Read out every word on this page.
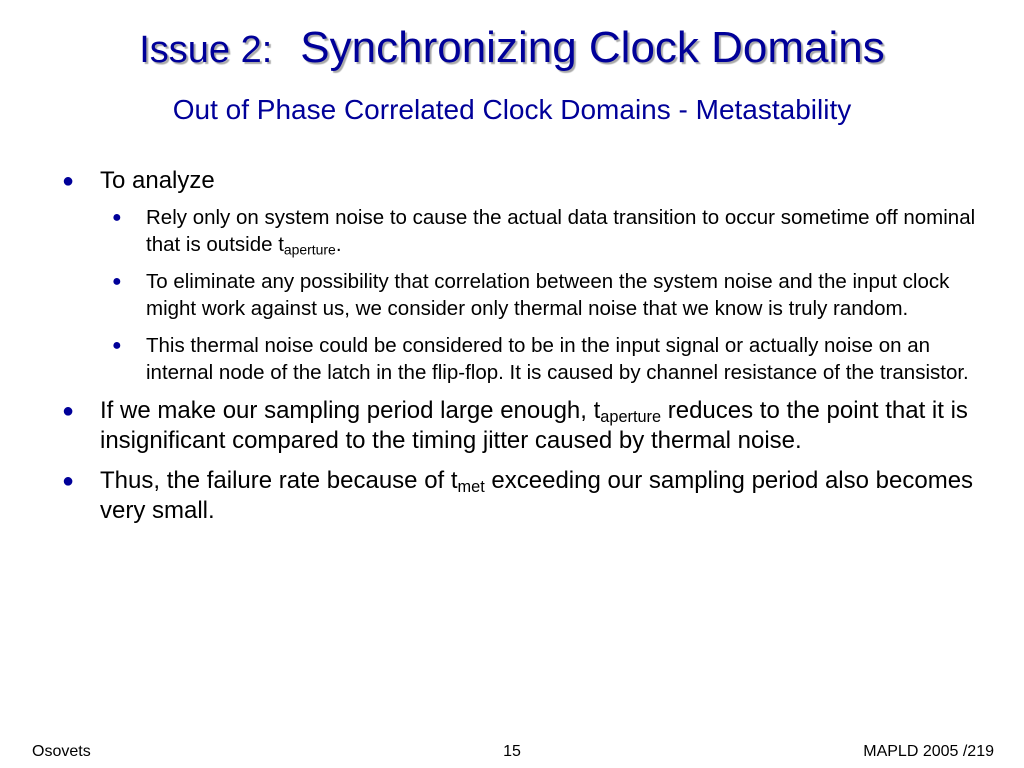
Issue 2: Synchronizing Clock Domains
Out of Phase Correlated Clock Domains - Metastability
● To analyze
● Rely only on system noise to cause the actual data transition to occur sometime off nominal that is outside $t_{aperture}$.
● To eliminate any possibility that correlation between the system noise and the input clock might work against us, we consider only thermal noise that we know is truly random.
● This thermal noise could be considered to be in the input signal or actually noise on an internal node of the latch in the flip-flop. It is caused by channel resistance of the transistor.
● If we make our sampling period large enough, $t_{aperture}$ reduces to the point that it is insignificant compared to the timing jitter caused by thermal noise.
● Thus, the failure rate because of $t_{met}$ exceeding our sampling period also becomes very small.
Osovets	15	MAPLD 2005 /219
